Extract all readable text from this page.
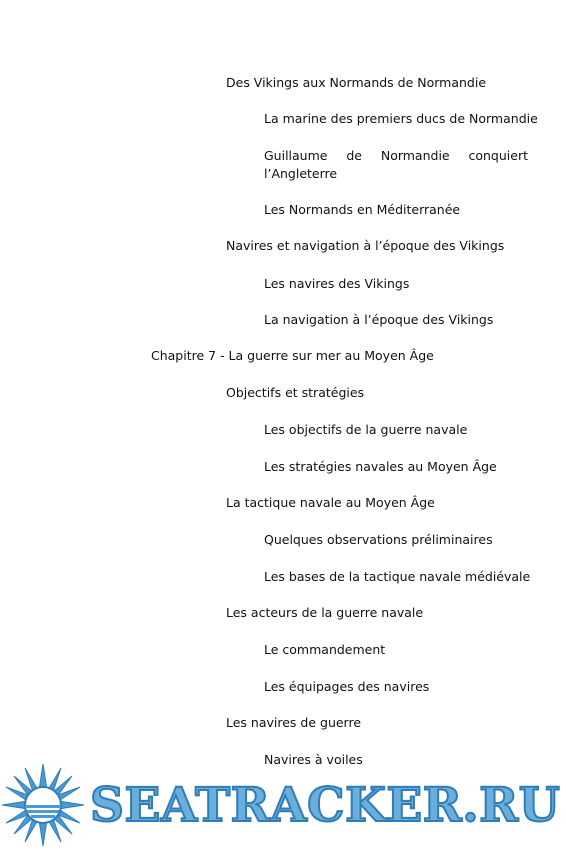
Des Vikings aux Normands de Normandie

La marine des premiers ducs de Normandie

Guillaume de Normandie conquiert
l’Angleterre

Les Normands en Méditerranée

Navires et navigation à l’époque des Vikings

Les navires des Vikings

La navigation à l’époque des Vikings

Chapitre 7 - La guerre sur mer au Moyen Âge

Objectifs et stratégies

Les objectifs de la guerre navale

Les stratégies navales au Moyen Âge

La tactique navale au Moyen Âge

Quelques observations préliminaires

Les bases de la tactique navale médiévale

Les acteurs de la guerre navale

Le commandement

Les équipages des navires

Les navires de guerre

Navires à voiles

SEATRACKER.RU
